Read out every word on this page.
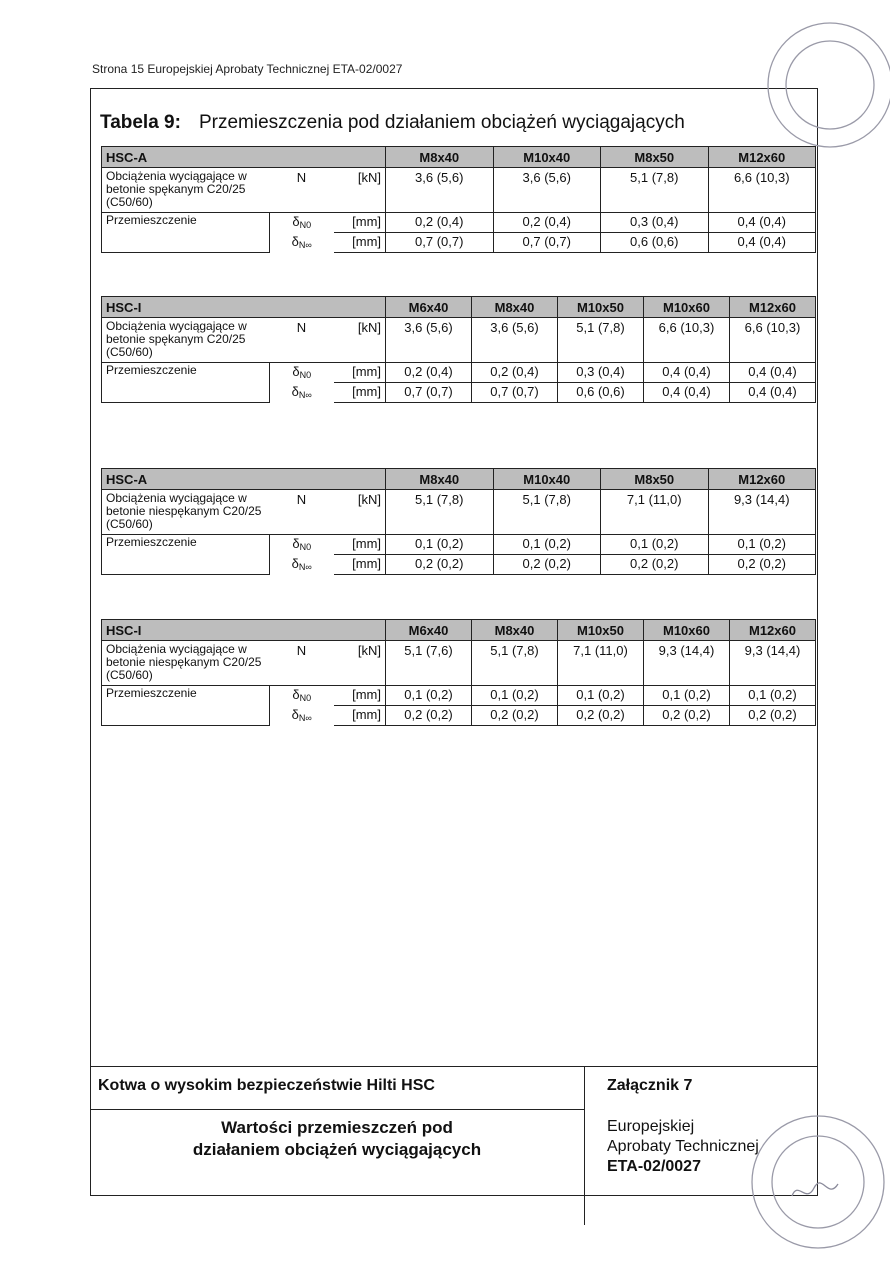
Strona 15 Europejskiej Aprobaty Technicznej ETA-02/0027
Tabela 9: Przemieszczenia pod działaniem obciążeń wyciągających
HSC-A			M8x40	M10x40	M8x50	M12x60
Obciążenia wyciągające w betonie spękanym C20/25 (C50/60)	N	[kN]	3,6 (5,6)	3,6 (5,6)	5,1 (7,8)	6,6 (10,3)
Przemieszczenie	$\delta_{N0}$	[mm]	0,2 (0,4)	0,2 (0,4)	0,3 (0,4)	0,4 (0,4)
	$\delta_{N\infty}$	[mm]	0,7 (0,7)	0,7 (0,7)	0,6 (0,6)	0,4 (0,4)
HSC-I			M6x40	M8x40	M10x50	M10x60	M12x60
Obciążenia wyciągające w betonie spękanym C20/25 (C50/60)	N	[kN]	3,6 (5,6)	3,6 (5,6)	5,1 (7,8)	6,6 (10,3)	6,6 (10,3)
Przemieszczenie	$\delta_{N0}$	[mm]	0,2 (0,4)	0,2 (0,4)	0,3 (0,4)	0,4 (0,4)	0,4 (0,4)
	$\delta_{N\infty}$	[mm]	0,7 (0,7)	0,7 (0,7)	0,6 (0,6)	0,4 (0,4)	0,4 (0,4)
HSC-A			M8x40	M10x40	M8x50	M12x60
Obciążenia wyciągające w betonie niespękanym C20/25 (C50/60)	N	[kN]	5,1 (7,8)	5,1 (7,8)	7,1 (11,0)	9,3 (14,4)
Przemieszczenie	$\delta_{N0}$	[mm]	0,1 (0,2)	0,1 (0,2)	0,1 (0,2)	0,1 (0,2)
	$\delta_{N\infty}$	[mm]	0,2 (0,2)	0,2 (0,2)	0,2 (0,2)	0,2 (0,2)
HSC-I			M6x40	M8x40	M10x50	M10x60	M12x60
Obciążenia wyciągające w betonie niespękanym C20/25 (C50/60)	N	[kN]	5,1 (7,6)	5,1 (7,8)	7,1 (11,0)	9,3 (14,4)	9,3 (14,4)
Przemieszczenie	$\delta_{N0}$	[mm]	0,1 (0,2)	0,1 (0,2)	0,1 (0,2)	0,1 (0,2)	0,1 (0,2)
	$\delta_{N\infty}$	[mm]	0,2 (0,2)	0,2 (0,2)	0,2 (0,2)	0,2 (0,2)	0,2 (0,2)
Kotwa o wysokim bezpieczeństwie Hilti HSC	Załącznik 7
Wartości przemieszczeń pod
działaniem obciążeń wyciągających
Europejskiej
Aprobaty Technicznej
ETA-02/0027
